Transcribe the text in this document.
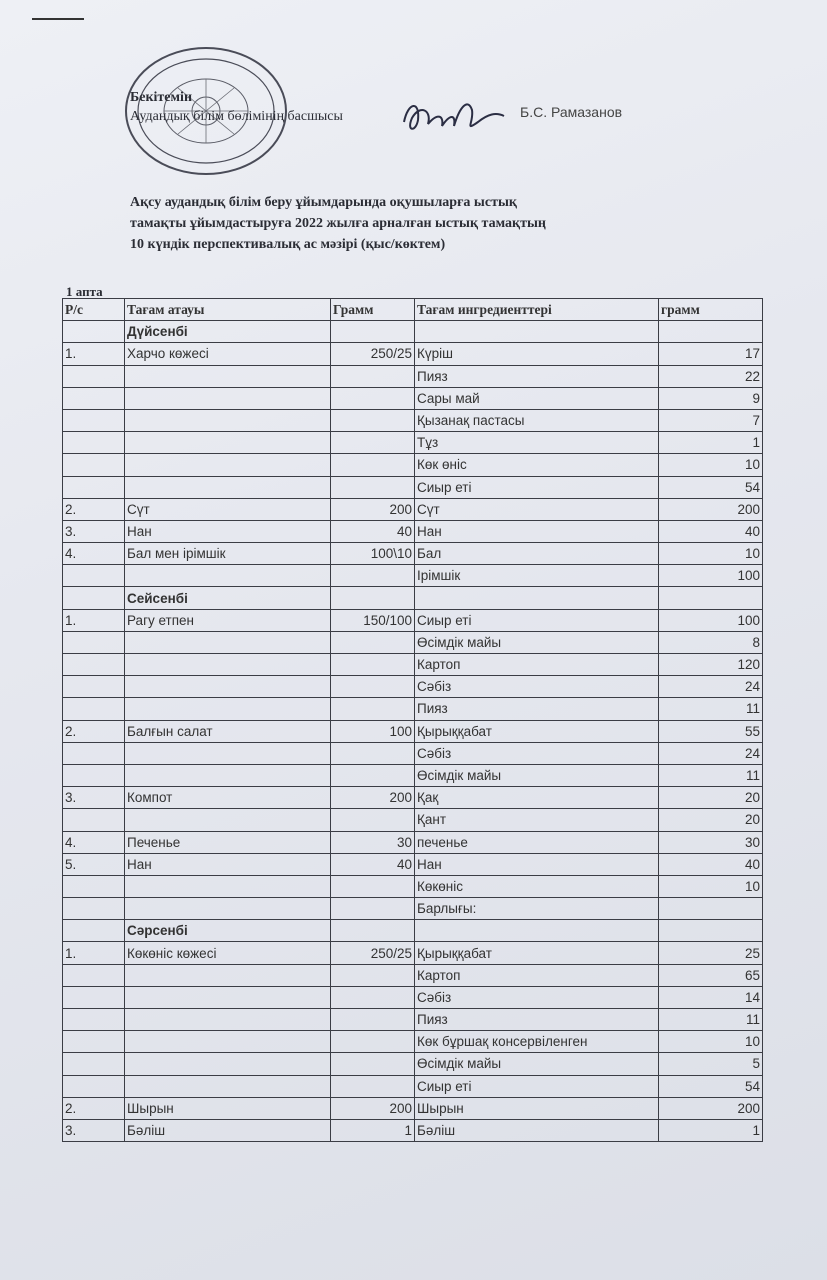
Бекітемін
Аудандық білім бөлімінің басшысы	Б.С. Рамазанов
Ақсу аудандық білім беру ұйымдарында оқушыларға ыстық
тамақты ұйымдастыруға 2022 жылға арналған ыстық тамақтың
10 күндік перспективалық ас мәзірі (қыс/көктем)
1 апта
Р/с	Тағам атауы	Грамм	Тағам ингредиенттері	грамм
	Дүйсенбі			
1.	Харчо көжесі	250/25	Күріш	17
			Пияз	22
			Сары май	9
			Қызанақ пастасы	7
			Тұз	1
			Көк өніс	10
			Сиыр еті	54
2.	Сүт	200	Сүт	200
3.	Нан	40	Нан	40
4.	Бал мен ірімшік	100\10	Бал	10
			Ірімшік	100
	Сейсенбі			
1.	Рагу етпен	150/100	Сиыр еті	100
			Өсімдік майы	8
			Картоп	120
			Сәбіз	24
			Пияз	11
2.	Балғын салат	100	Қырыққабат	55
			Сәбіз	24
			Өсімдік майы	11
3.	Компот	200	Қақ	20
			Қант	20
4.	Печенье	30	печенье	30
5.	Нан	40	Нан	40
			Көкөніс	10
			Барлығы:	
	Сәрсенбі			
1.	Көкөніс көжесі	250/25	Қырыққабат	25
			Картоп	65
			Сәбіз	14
			Пияз	11
			Көк бұршақ консервіленген	10
			Өсімдік майы	5
			Сиыр еті	54
2.	Шырын	200	Шырын	200
3.	Бәліш	1	Бәліш	1
